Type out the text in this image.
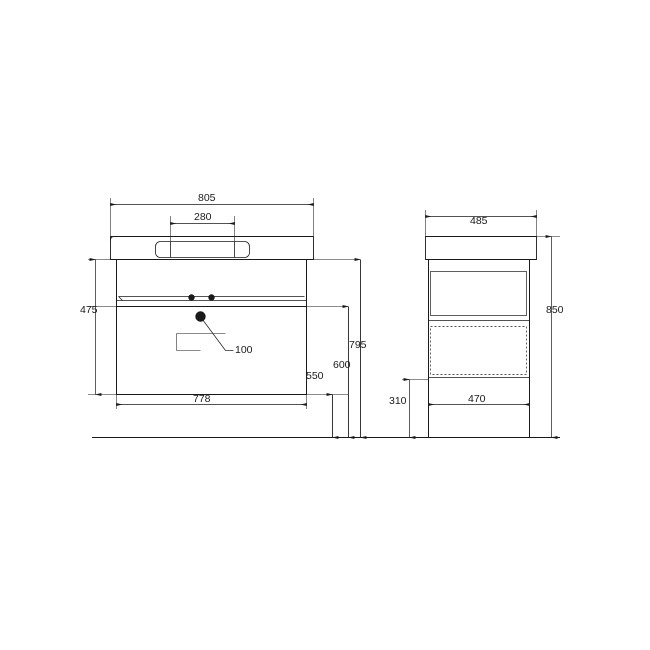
805
280
475
100
778
550
600
795
485
470
850
310
